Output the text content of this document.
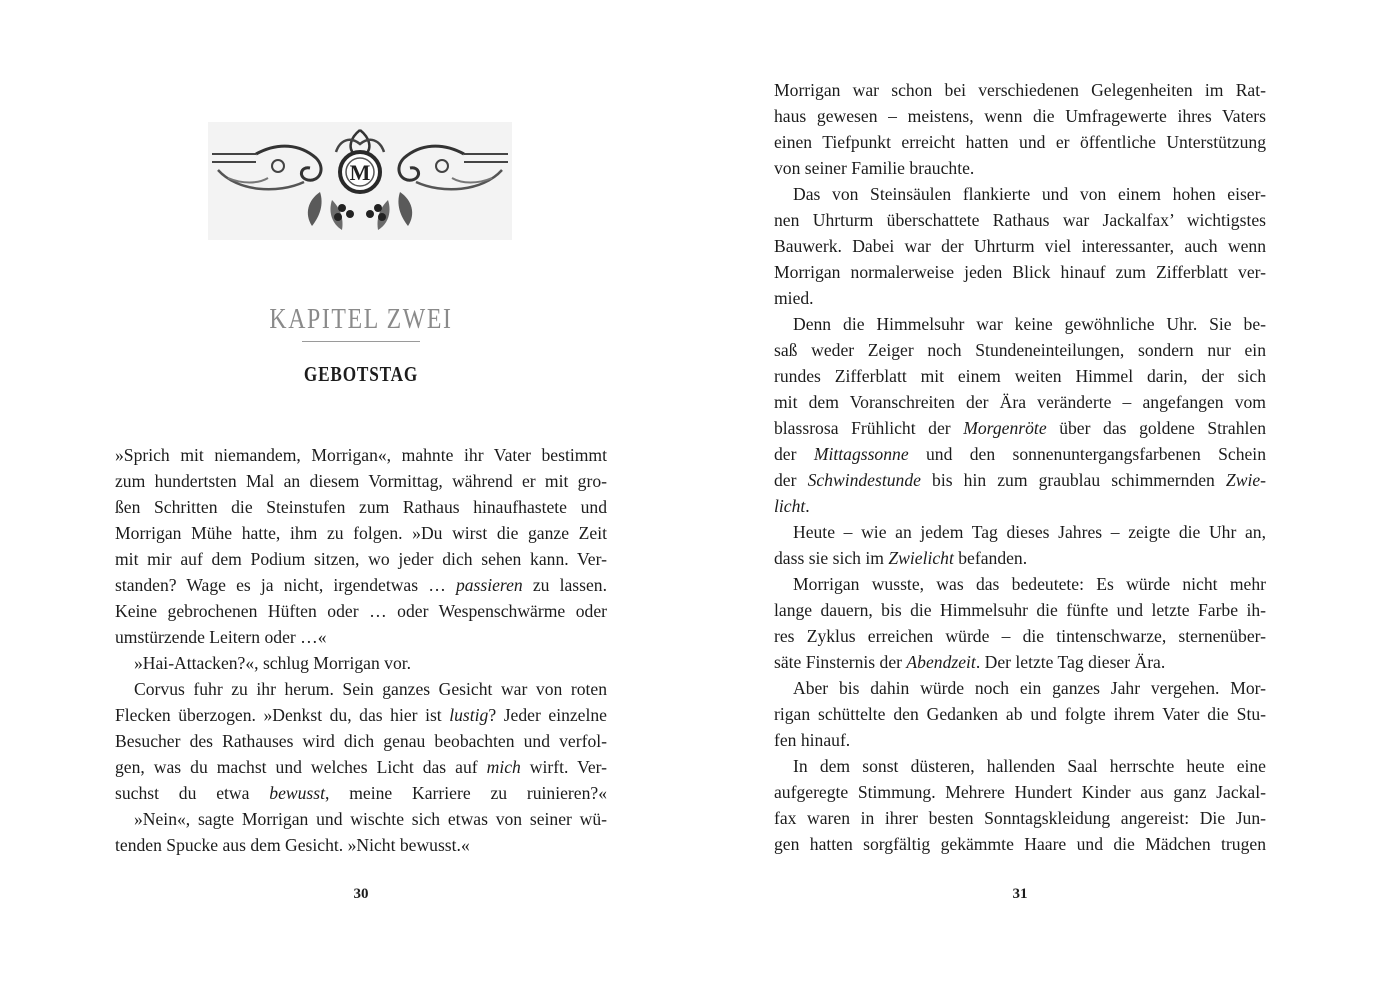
M
KAPITEL ZWEI
GEBOTSTAG
»Sprich mit niemandem, Morrigan«, mahnte ihr Vater bestimmt
zum hundertsten Mal an diesem Vormittag, während er mit gro-
ßen Schritten die Steinstufen zum Rathaus hinaufhastete und
Morrigan Mühe hatte, ihm zu folgen. »Du wirst die ganze Zeit
mit mir auf dem Podium sitzen, wo jeder dich sehen kann. Ver-
standen? Wage es ja nicht, irgendetwas … passieren zu lassen.
Keine gebrochenen Hüften oder … oder Wespenschwärme oder
umstürzende Leitern oder …«
»Hai-Attacken?«, schlug Morrigan vor.
Corvus fuhr zu ihr herum. Sein ganzes Gesicht war von roten
Flecken überzogen. »Denkst du, das hier ist lustig? Jeder einzelne
Besucher des Rathauses wird dich genau beobachten und verfol-
gen, was du machst und welches Licht das auf mich wirft. Ver-
suchst du etwa bewusst, meine Karriere zu ruinieren?«
»Nein«, sagte Morrigan und wischte sich etwas von seiner wü-
tenden Spucke aus dem Gesicht. »Nicht bewusst.«
30
Morrigan war schon bei verschiedenen Gelegenheiten im Rat-
haus gewesen – meistens, wenn die Umfragewerte ihres Vaters
einen Tiefpunkt erreicht hatten und er öffentliche Unterstützung
von seiner Familie brauchte.
Das von Steinsäulen flankierte und von einem hohen eiser-
nen Uhrturm überschattete Rathaus war Jackalfax’ wichtigstes
Bauwerk. Dabei war der Uhrturm viel interessanter, auch wenn
Morrigan normalerweise jeden Blick hinauf zum Zifferblatt ver-
mied.
Denn die Himmelsuhr war keine gewöhnliche Uhr. Sie be-
saß weder Zeiger noch Stundeneinteilungen, sondern nur ein
rundes Zifferblatt mit einem weiten Himmel darin, der sich
mit dem Voranschreiten der Ära veränderte – angefangen vom
blassrosa Frühlicht der Morgenröte über das goldene Strahlen
der Mittagssonne und den sonnenuntergangsfarbenen Schein
der Schwindestunde bis hin zum graublau schimmernden Zwie-
licht.
Heute – wie an jedem Tag dieses Jahres – zeigte die Uhr an,
dass sie sich im Zwielicht befanden.
Morrigan wusste, was das bedeutete: Es würde nicht mehr
lange dauern, bis die Himmelsuhr die fünfte und letzte Farbe ih-
res Zyklus erreichen würde – die tintenschwarze, sternenüber-
säte Finsternis der Abendzeit. Der letzte Tag dieser Ära.
Aber bis dahin würde noch ein ganzes Jahr vergehen. Mor-
rigan schüttelte den Gedanken ab und folgte ihrem Vater die Stu-
fen hinauf.
In dem sonst düsteren, hallenden Saal herrschte heute eine
aufgeregte Stimmung. Mehrere Hundert Kinder aus ganz Jackal-
fax waren in ihrer besten Sonntagskleidung angereist: Die Jun-
gen hatten sorgfältig gekämmte Haare und die Mädchen trugen
31
